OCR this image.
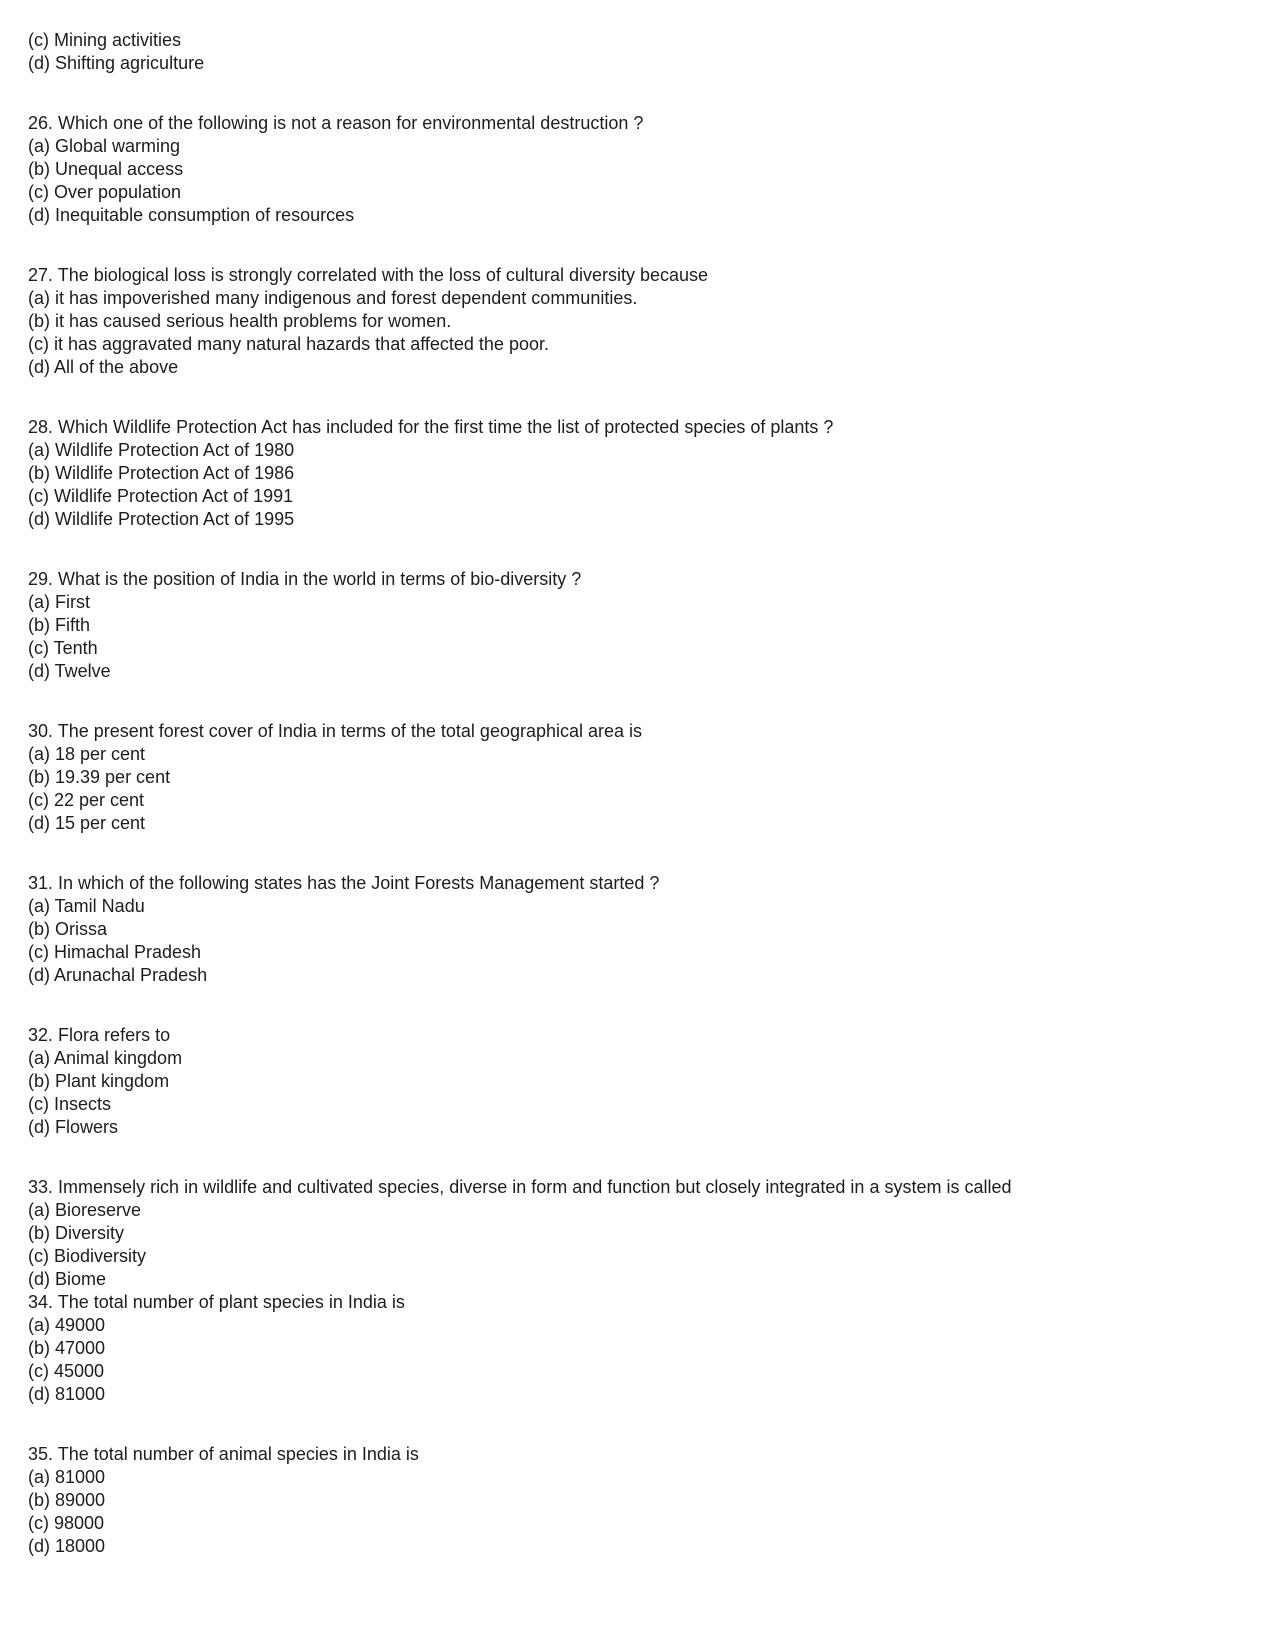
(c) Mining activities

(d) Shifting agriculture

26. Which one of the following is not a reason for environmental destruction ?

(a) Global warming

(b) Unequal access

(c) Over population

(d) Inequitable consumption of resources

27. The biological loss is strongly correlated with the loss of cultural diversity because

(a) it has impoverished many indigenous and forest dependent communities.

(b) it has caused serious health problems for women.

(c) it has aggravated many natural hazards that affected the poor.

(d) All of the above

28. Which Wildlife Protection Act has included for the first time the list of protected species of plants ?

(a) Wildlife Protection Act of 1980

(b) Wildlife Protection Act of 1986

(c) Wildlife Protection Act of 1991

(d) Wildlife Protection Act of 1995

29. What is the position of India in the world in terms of bio-diversity ?

(a) First

(b) Fifth

(c) Tenth

(d) Twelve

30. The present forest cover of India in terms of the total geographical area is

(a) 18 per cent

(b) 19.39 per cent

(c) 22 per cent

(d) 15 per cent

31. In which of the following states has the Joint Forests Management started ?

(a) Tamil Nadu

(b) Orissa

(c) Himachal Pradesh

(d) Arunachal Pradesh

32. Flora refers to

(a) Animal kingdom

(b) Plant kingdom

(c) Insects

(d) Flowers

33. Immensely rich in wildlife and cultivated species, diverse in form and function but closely integrated in a system is called

(a) Bioreserve

(b) Diversity

(c) Biodiversity

(d) Biome

34. The total number of plant species in India is

(a) 49000

(b) 47000

(c) 45000

(d) 81000

35. The total number of animal species in India is

(a) 81000

(b) 89000

(c) 98000

(d) 18000
